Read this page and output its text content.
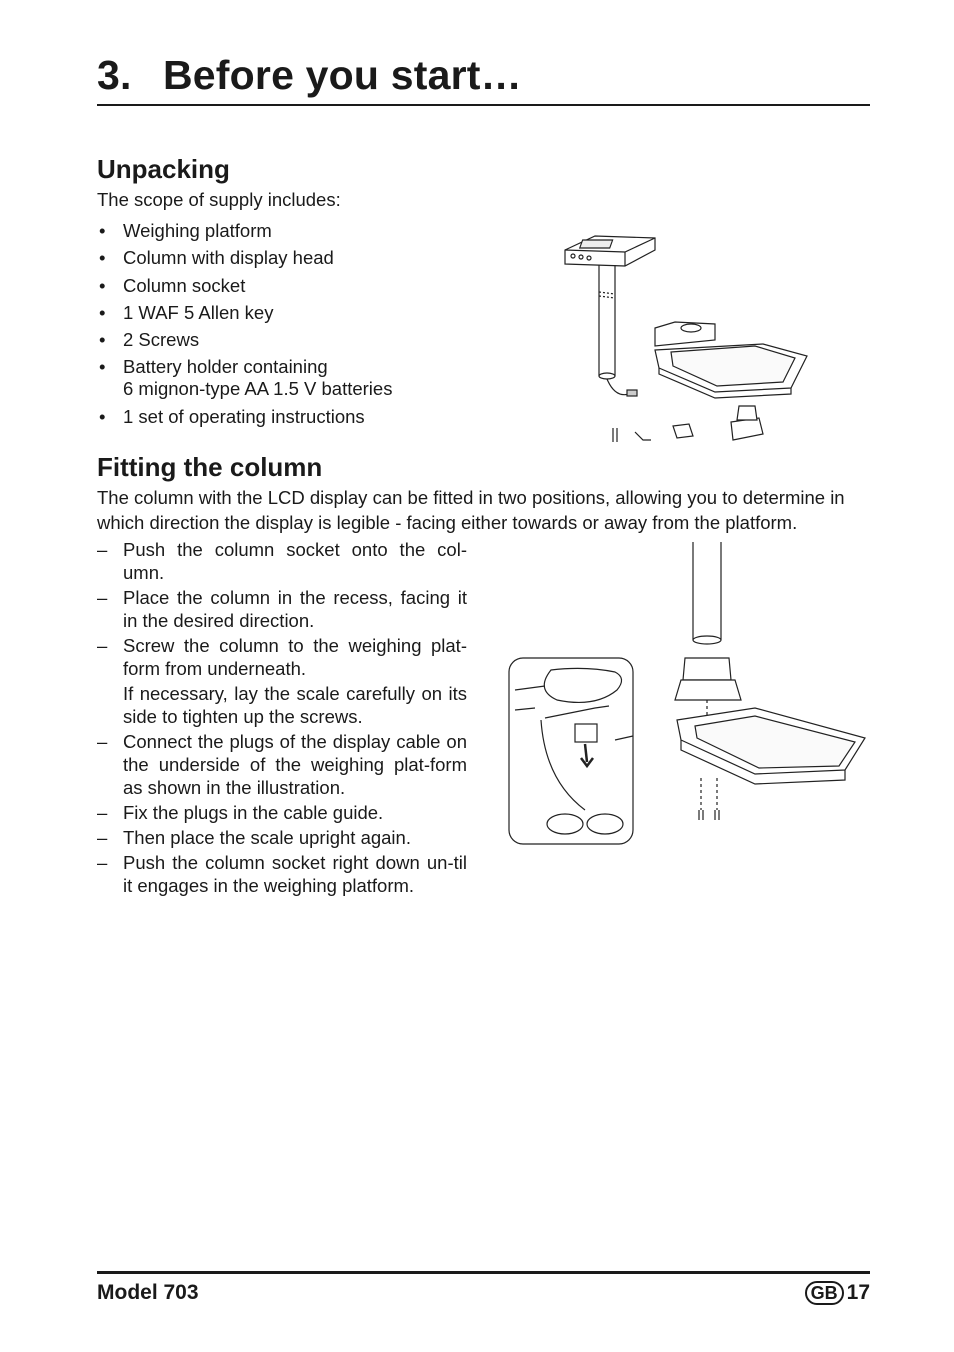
3. Before you start…
Unpacking

The scope of supply includes:

• Weighing platform
• Column with display head
• Column socket
• 1 WAF 5 Allen key
• 2 Screws
• Battery holder containing
6 mignon-type AA 1.5 V batteries
• 1 set of operating instructions
Fitting the column

The column with the LCD display can be fitted in two positions, allowing you to determine in which direction the display is legible - facing either towards or away from the platform.

– Push the column socket onto the col-umn.
– Place the column in the recess, facing it in the desired direction.
– Screw the column to the weighing plat-form from underneath.
If necessary, lay the scale carefully on its side to tighten up the screws.
– Connect the plugs of the display cable on the underside of the weighing plat-form as shown in the illustration.
– Fix the plugs in the cable guide.
– Then place the scale upright again.
– Push the column socket right down un-til it engages in the weighing platform.
Model 703	GB 17
